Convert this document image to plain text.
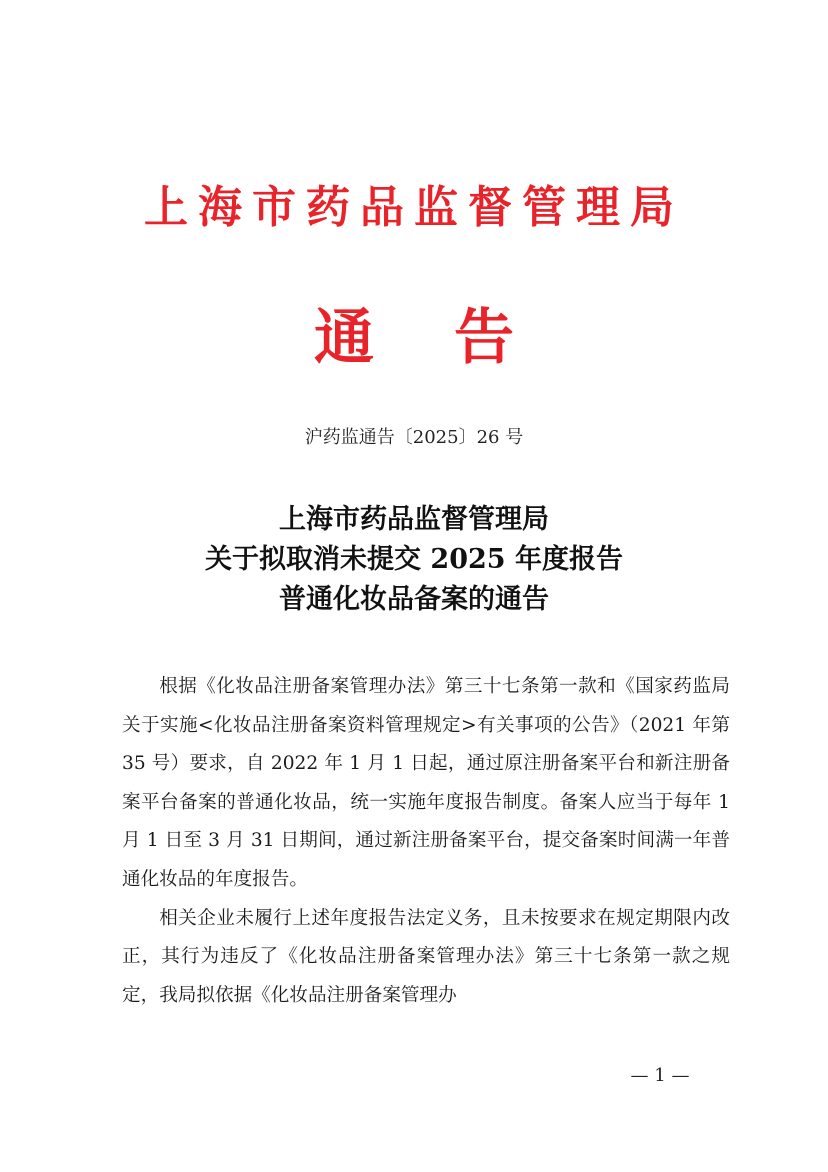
上海市药品监督管理局
通 告
沪药监通告〔2025〕26 号
上海市药品监督管理局
关于拟取消未提交 2025 年度报告
普通化妆品备案的通告

根据《化妆品注册备案管理办法》第三十七条第一款和《国家药监局关于实施<化妆品注册备案资料管理规定>有关事项的公告》（2021 年第 35 号）要求，自 2022 年 1 月 1 日起，通过原注册备案平台和新注册备案平台备案的普通化妆品，统一实施年度报告制度。备案人应当于每年 1 月 1 日至 3 月 31 日期间，通过新注册备案平台，提交备案时间满一年普通化妆品的年度报告。

相关企业未履行上述年度报告法定义务，且未按要求在规定期限内改正，其行为违反了《化妆品注册备案管理办法》第三十七条第一款之规定，我局拟依据《化妆品注册备案管理办

— 1 —
